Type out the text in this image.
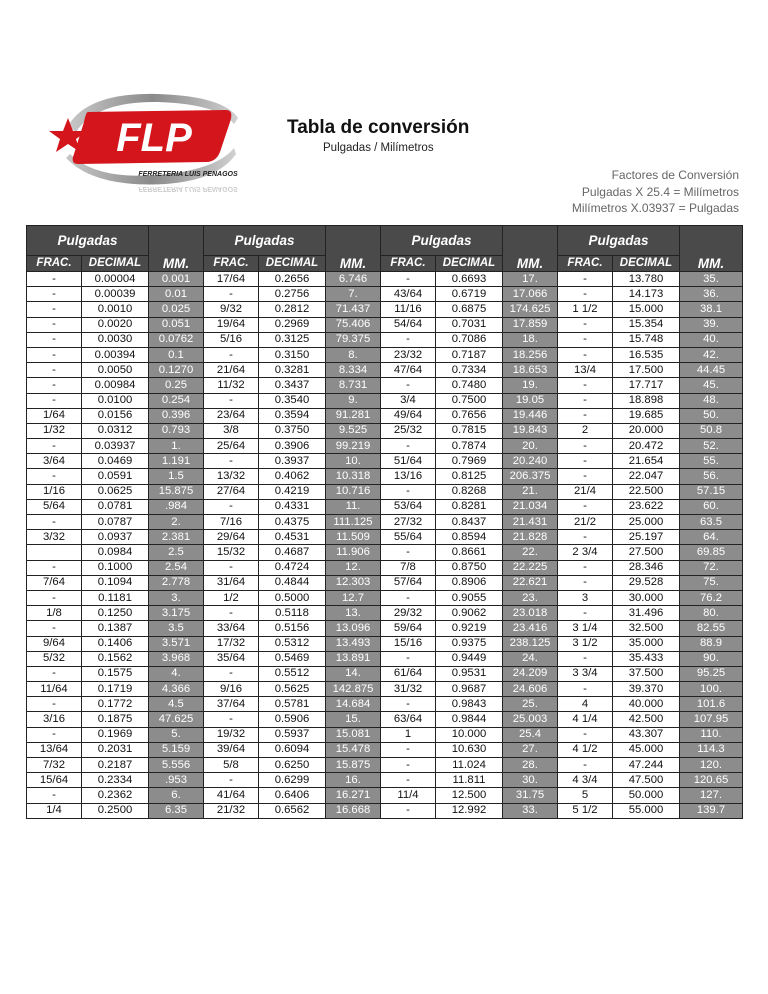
FLP
FERRETERIA LUIS PENAGOS
FERRETERIA LUIS PENAGOS
Tabla de conversión
Pulgadas / Milímetros
Factores de Conversión
Pulgadas X 25.4 = Milímetros
Milímetros X.03937 = Pulgadas
Pulgadas		MM.	Pulgadas		MM.	Pulgadas		MM.	Pulgadas		MM.
FRAC.	DECIMAL		FRAC.	DECIMAL		FRAC.	DECIMAL		FRAC.	DECIMAL	
-	0.00004	0.001	17/64	0.2656	6.746	-	0.6693	17.	-	13.780	35.
-	0.00039	0.01	-	0.2756	7.	43/64	0.6719	17.066	-	14.173	36.
-	0.0010	0.025	9/32	0.2812	71.437	11/16	0.6875	174.625	1 1/2	15.000	38.1
-	0.0020	0.051	19/64	0.2969	75.406	54/64	0.7031	17.859	-	15.354	39.
-	0.0030	0.0762	5/16	0.3125	79.375	-	0.7086	18.	-	15.748	40.
-	0.00394	0.1	-	0.3150	8.	23/32	0.7187	18.256	-	16.535	42.
-	0.0050	0.1270	21/64	0.3281	8.334	47/64	0.7334	18.653	13/4	17.500	44.45
-	0.00984	0.25	11/32	0.3437	8.731	-	0.7480	19.	-	17.717	45.
-	0.0100	0.254	-	0.3540	9.	3/4	0.7500	19.05	-	18.898	48.
1/64	0.0156	0.396	23/64	0.3594	91.281	49/64	0.7656	19.446	-	19.685	50.
1/32	0.0312	0.793	3/8	0.3750	9.525	25/32	0.7815	19.843	2	20.000	50.8
-	0.03937	1.	25/64	0.3906	99.219	-	0.7874	20.	-	20.472	52.
3/64	0.0469	1.191	-	0.3937	10.	51/64	0.7969	20.240	-	21.654	55.
-	0.0591	1.5	13/32	0.4062	10.318	13/16	0.8125	206.375	-	22.047	56.
1/16	0.0625	15.875	27/64	0.4219	10.716	-	0.8268	21.	21/4	22.500	57.15
5/64	0.0781	.984	-	0.4331	11.	53/64	0.8281	21.034	-	23.622	60.
-	0.0787	2.	7/16	0.4375	111.125	27/32	0.8437	21.431	21/2	25.000	63.5
3/32	0.0937	2.381	29/64	0.4531	11.509	55/64	0.8594	21.828	-	25.197	64.
	0.0984	2.5	15/32	0.4687	11.906	-	0.8661	22.	2 3/4	27.500	69.85
-	0.1000	2.54	-	0.4724	12.	7/8	0.8750	22.225	-	28.346	72.
7/64	0.1094	2.778	31/64	0.4844	12.303	57/64	0.8906	22.621	-	29.528	75.
-	0.1181	3.	1/2	0.5000	12.7	-	0.9055	23.	3	30.000	76.2
1/8	0.1250	3.175	-	0.5118	13.	29/32	0.9062	23.018	-	31.496	80.
-	0.1387	3.5	33/64	0.5156	13.096	59/64	0.9219	23.416	3 1/4	32.500	82.55
9/64	0.1406	3.571	17/32	0.5312	13.493	15/16	0.9375	238.125	3 1/2	35.000	88.9
5/32	0.1562	3.968	35/64	0.5469	13.891	-	0.9449	24.	-	35.433	90.
-	0.1575	4.	-	0.5512	14.	61/64	0.9531	24.209	3 3/4	37.500	95.25
11/64	0.1719	4.366	9/16	0.5625	142.875	31/32	0.9687	24.606	-	39.370	100.
-	0.1772	4.5	37/64	0.5781	14.684	-	0.9843	25.	4	40.000	101.6
3/16	0.1875	47.625	-	0.5906	15.	63/64	0.9844	25.003	4 1/4	42.500	107.95
-	0.1969	5.	19/32	0.5937	15.081	1	10.000	25.4	-	43.307	110.
13/64	0.2031	5.159	39/64	0.6094	15.478	-	10.630	27.	4 1/2	45.000	114.3
7/32	0.2187	5.556	5/8	0.6250	15.875	-	11.024	28.	-	47.244	120.
15/64	0.2334	.953	-	0.6299	16.	-	11.811	30.	4 3/4	47.500	120.65
-	0.2362	6.	41/64	0.6406	16.271	11/4	12.500	31.75	5	50.000	127.
1/4	0.2500	6.35	21/32	0.6562	16.668	-	12.992	33.	5 1/2	55.000	139.7
